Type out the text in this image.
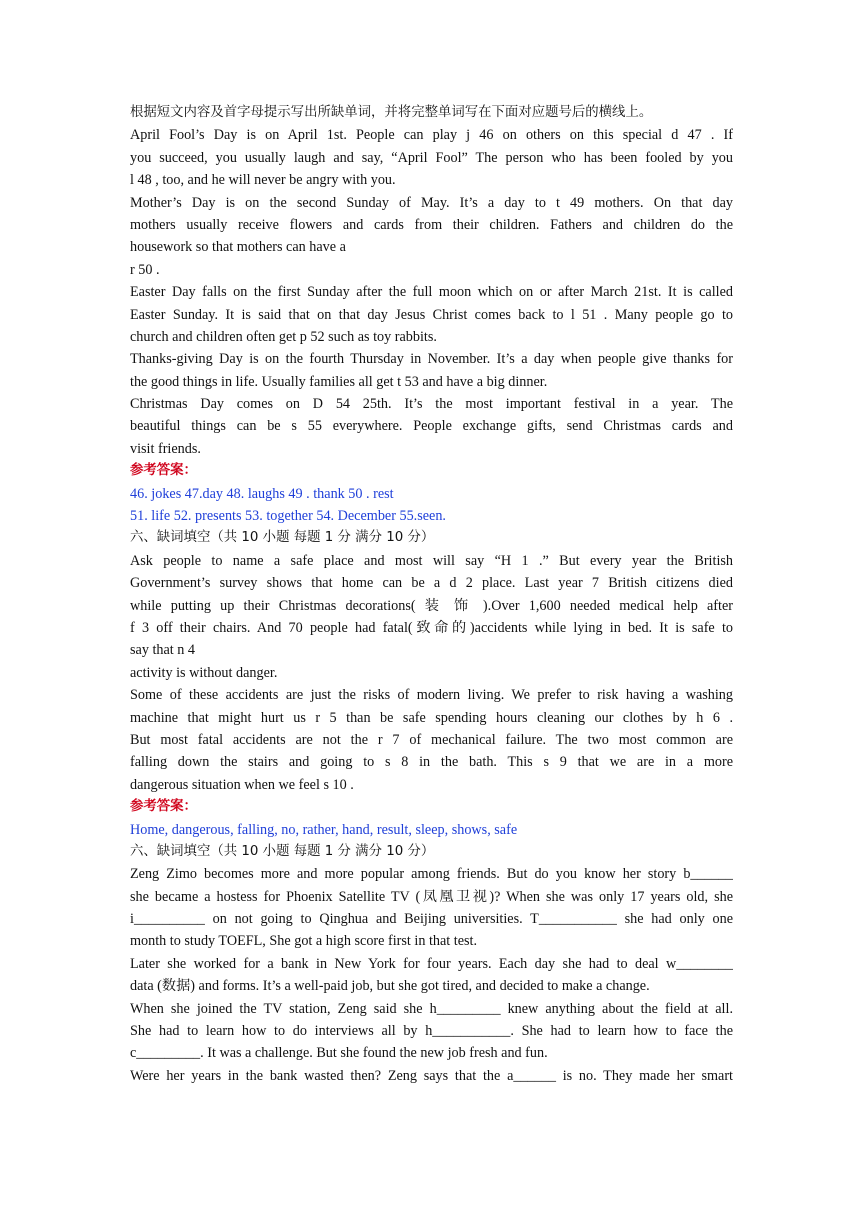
根据短文内容及首字母提示写出所缺单词，并将完整单词写在下面对应题号后的横线上。
April Fool’s Day is on April 1st. People can play j 46 on others on this special d 47 . If
you succeed, you usually laugh and say, “April Fool” The person who has been fooled by you
l 48 , too, and he will never be angry with you.
Mother’s Day is on the second Sunday of May. It’s a day to t 49 mothers. On that day
mothers usually receive flowers and cards from their children. Fathers and children do the
housework so that mothers can have a
r 50 .
Easter Day falls on the first Sunday after the full moon which on or after March 21st. It is called
Easter Sunday. It is said that on that day Jesus Christ comes back to l 51 . Many people go to
church and children often get p 52 such as toy rabbits.
Thanks-giving Day is on the fourth Thursday in November. It’s a day when people give thanks for
the good things in life. Usually families all get t 53 and have a big dinner.
Christmas Day comes on D 54 25th. It’s the most important festival in a year. The
beautiful things can be s 55 everywhere. People exchange gifts, send Christmas cards and
visit friends.
参考答案：
46. jokes 47.day 48. laughs 49 . thank 50 . rest
51. life 52. presents 53. together 54. December 55.seen.
六、缺词填空（共 10 小题 每题 1 分 满分 10 分）
Ask people to name a safe place and most will say “H 1 .” But every year the British
Government’s survey shows that home can be a d 2 place. Last year 7 British citizens died
while putting up their Christmas decorations( 装 饰 ).Over 1,600 needed medical help after
f 3 off their chairs. And 70 people had fatal(致命的)accidents while lying in bed. It is safe to
say that n 4
activity is without danger.
Some of these accidents are just the risks of modern living. We prefer to risk having a washing
machine that might hurt us r 5 than be safe spending hours cleaning our clothes by h 6 .
But most fatal accidents are not the r 7 of mechanical failure. The two most common are
falling down the stairs and going to s 8 in the bath. This s 9 that we are in a more
dangerous situation when we feel s 10 .
参考答案：
Home, dangerous, falling, no, rather, hand, result, sleep, shows, safe
六、缺词填空（共 10 小题 每题 1 分 满分 10 分）
Zeng Zimo becomes more and more popular among friends. But do you know her story b______
she became a hostess for Phoenix Satellite TV (凤凰卫视)? When she was only 17 years old, she
i__________ on not going to Qinghua and Beijing universities. T___________ she had only one
month to study TOEFL, She got a high score first in that test.
Later she worked for a bank in New York for four years. Each day she had to deal w________
data (数据) and forms. It’s a well-paid job, but she got tired, and decided to make a change.
When she joined the TV station, Zeng said she h_________ knew anything about the field at all.
She had to learn how to do interviews all by h___________. She had to learn how to face the
c_________. It was a challenge. But she found the new job fresh and fun.
Were her years in the bank wasted then? Zeng says that the a______ is no. They made her smart
